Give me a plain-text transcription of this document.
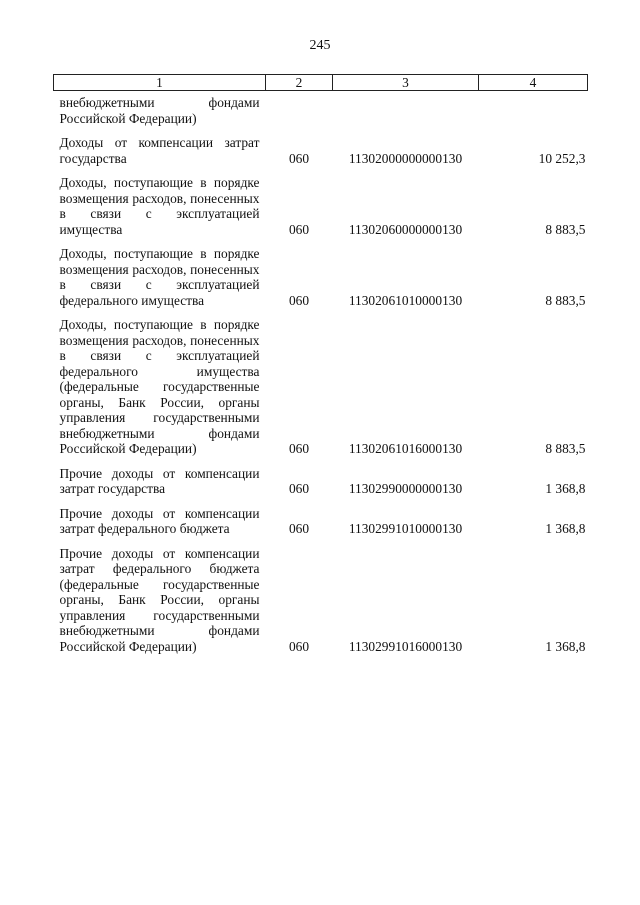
245
1	2	3	4
внебюджетными фондами Российской Федерации)			
Доходы от компенсации затрат государства	060	11302000000000130	10 252,3
Доходы, поступающие в порядке возмещения расходов, понесенных в связи с эксплуатацией имущества	060	11302060000000130	8 883,5
Доходы, поступающие в порядке возмещения расходов, понесенных в связи с эксплуатацией федерального имущества	060	11302061010000130	8 883,5
Доходы, поступающие в порядке возмещения расходов, понесенных в связи с эксплуатацией федерального имущества (федеральные государственные органы, Банк России, органы управления государственными внебюджетными фондами Российской Федерации)	060	11302061016000130	8 883,5
Прочие доходы от компенсации затрат государства	060	11302990000000130	1 368,8
Прочие доходы от компенсации затрат федерального бюджета	060	11302991010000130	1 368,8
Прочие доходы от компенсации затрат федерального бюджета (федеральные государственные органы, Банк России, органы управления государственными внебюджетными фондами Российской Федерации)	060	11302991016000130	1 368,8
